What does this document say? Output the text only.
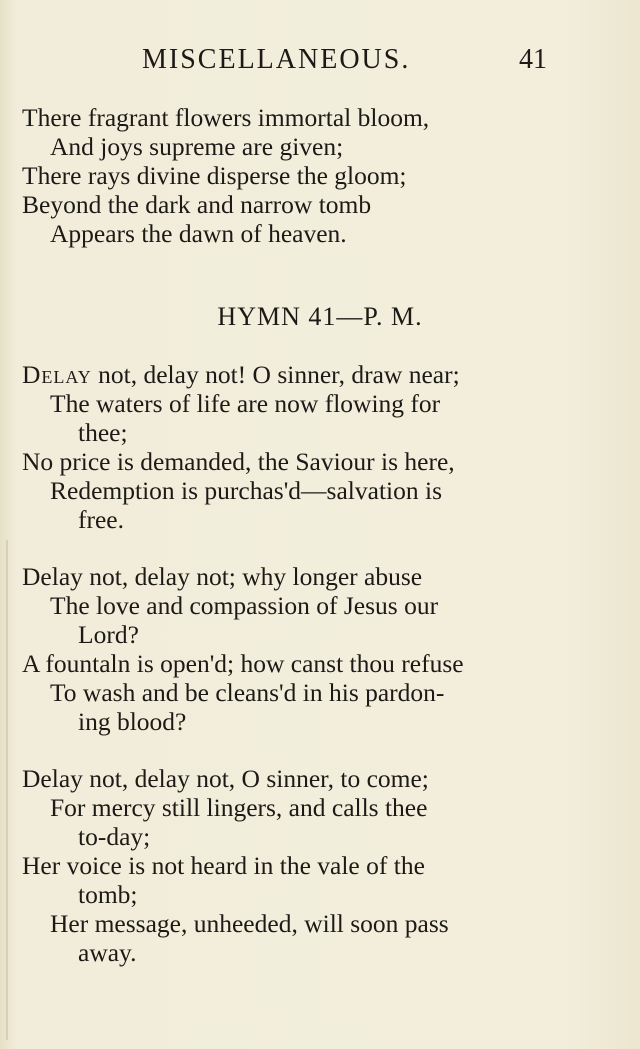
MISCELLANEOUS.	41
There fragrant flowers immortal bloom,
And joys supreme are given;
There rays divine disperse the gloom;
Beyond the dark and narrow tomb
Appears the dawn of heaven.
HYMN 41—P. M.
Delay not, delay not! O sinner, draw near;
The waters of life are now flowing for
thee;
No price is demanded, the Saviour is here,
Redemption is purchas'd—salvation is
free.
Delay not, delay not; why longer abuse
The love and compassion of Jesus our
Lord?
A fountaln is open'd; how canst thou refuse
To wash and be cleans'd in his pardon-
ing blood?
Delay not, delay not, O sinner, to come;
For mercy still lingers, and calls thee
to-day;
Her voice is not heard in the vale of the
tomb;
Her message, unheeded, will soon pass
away.
